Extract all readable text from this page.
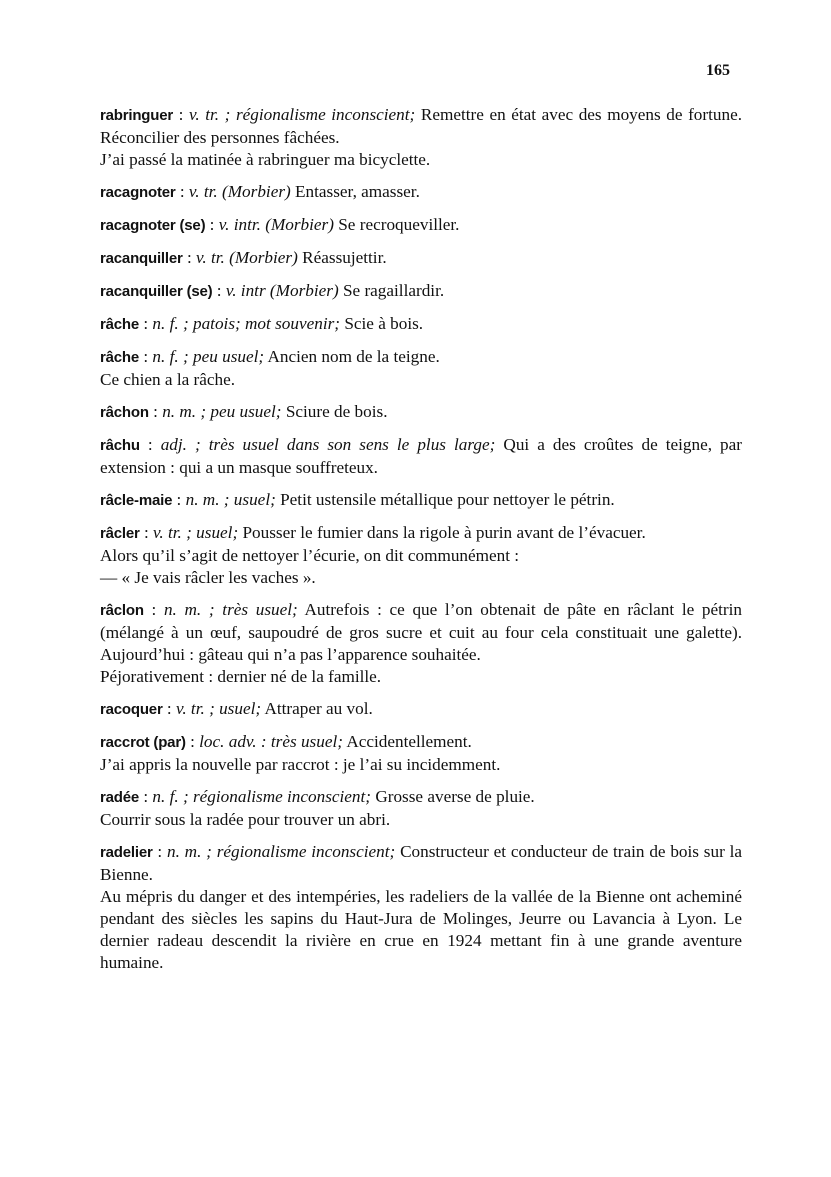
165

rabringuer : v. tr. ; régionalisme inconscient; Remettre en état avec des moyens de fortune. Réconcilier des personnes fâchées.

J’ai passé la matinée à rabringuer ma bicyclette.

racagnoter : v. tr. (Morbier) Entasser, amasser.

racagnoter (se) : v. intr. (Morbier) Se recroqueviller.

racanquiller : v. tr. (Morbier) Réassujettir.

racanquiller (se) : v. intr (Morbier) Se ragaillardir.

râche : n. f. ; patois; mot souvenir; Scie à bois.

râche : n. f. ; peu usuel; Ancien nom de la teigne.

Ce chien a la râche.

râchon : n. m. ; peu usuel; Sciure de bois.

râchu : adj. ; très usuel dans son sens le plus large; Qui a des croûtes de teigne, par extension : qui a un masque souffreteux.

râcle-maie : n. m. ; usuel; Petit ustensile métallique pour nettoyer le pétrin.

râcler : v. tr. ; usuel; Pousser le fumier dans la rigole à purin avant de l’évacuer.

Alors qu’il s’agit de nettoyer l’écurie, on dit communément :

— « Je vais râcler les vaches ».

râclon : n. m. ; très usuel; Autrefois : ce que l’on obtenait de pâte en râclant le pétrin (mélangé à un œuf, saupoudré de gros sucre et cuit au four cela constituait une galette). Aujourd’hui : gâteau qui n’a pas l’apparence souhaitée.

Péjorativement : dernier né de la famille.

racoquer : v. tr. ; usuel; Attraper au vol.

raccrot (par) : loc. adv. : très usuel; Accidentellement.

J’ai appris la nouvelle par raccrot : je l’ai su incidemment.

radée : n. f. ; régionalisme inconscient; Grosse averse de pluie.

Courrir sous la radée pour trouver un abri.

radelier : n. m. ; régionalisme inconscient; Constructeur et conducteur de train de bois sur la Bienne.

Au mépris du danger et des intempéries, les radeliers de la vallée de la Bienne ont acheminé pendant des siècles les sapins du Haut-Jura de Molinges, Jeurre ou Lavancia à Lyon. Le dernier radeau descendit la rivière en crue en 1924 mettant fin à une grande aventure humaine.
